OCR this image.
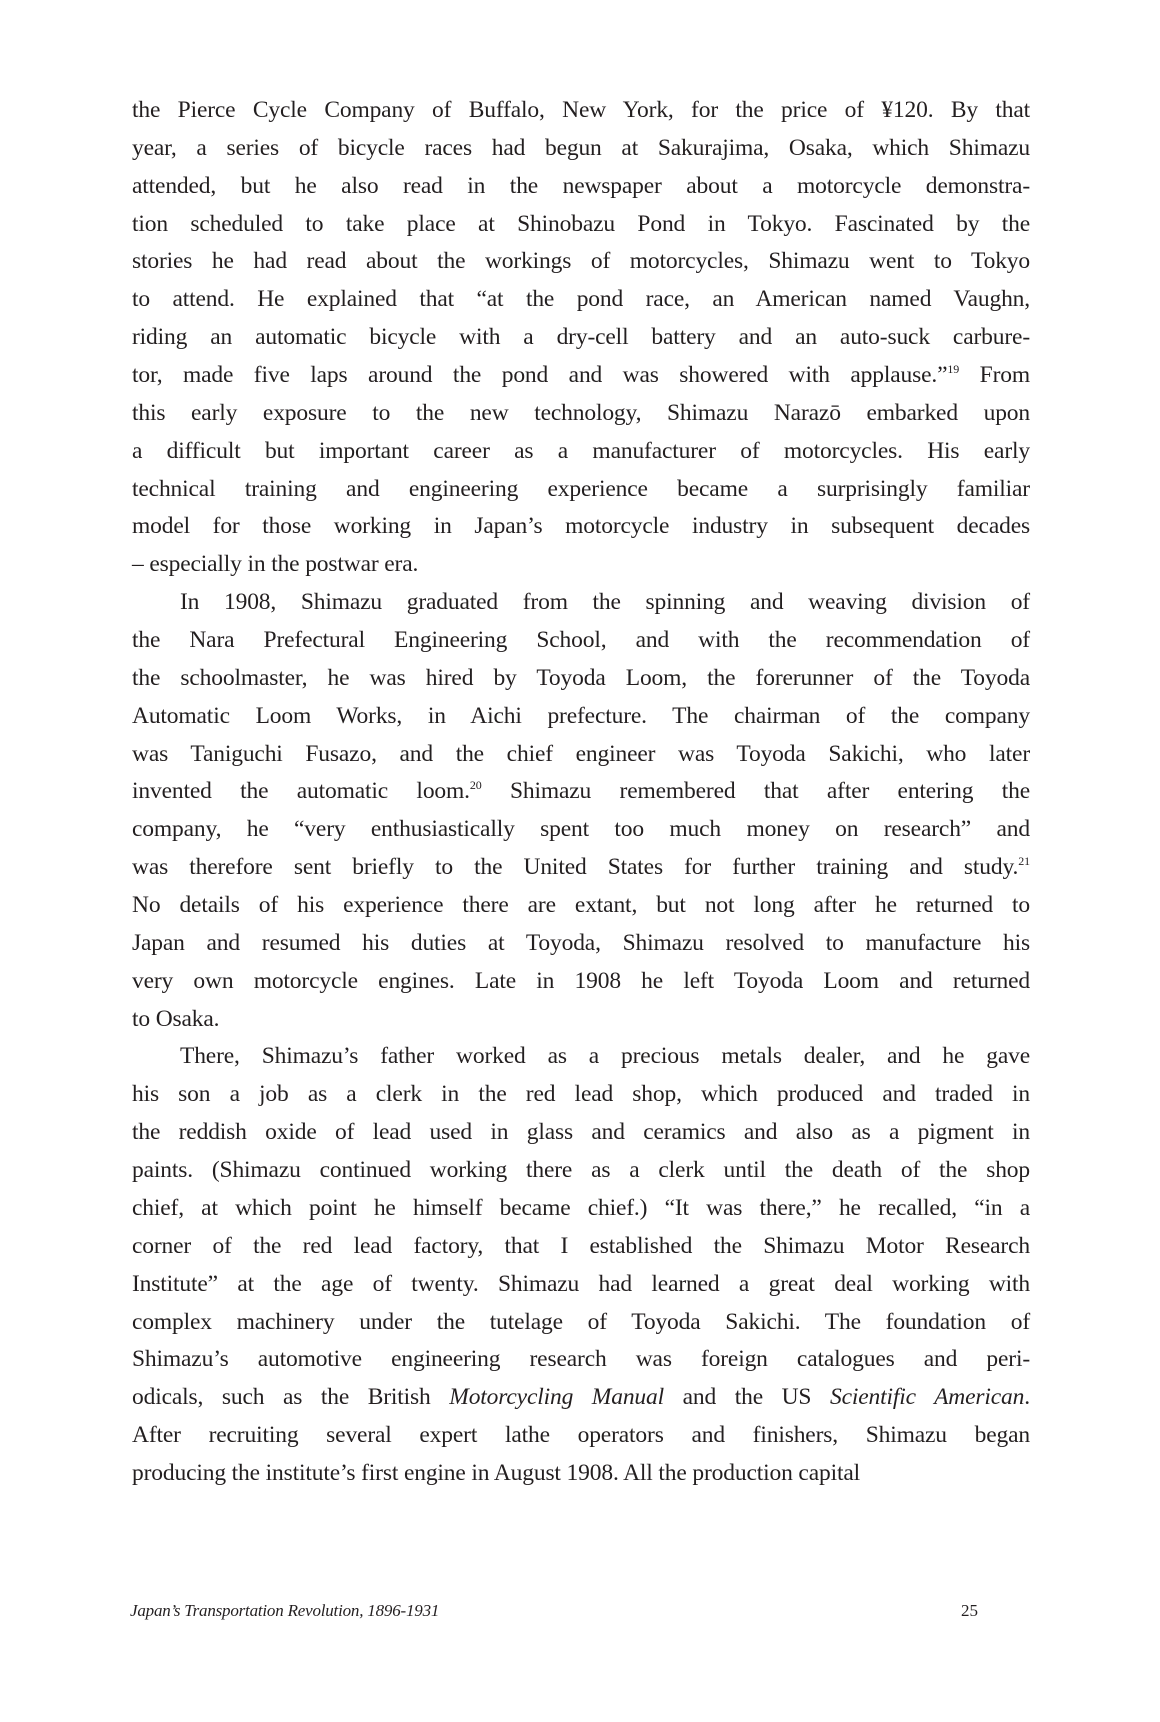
the Pierce Cycle Company of Buffalo, New York, for the price of ¥120. By that
year, a series of bicycle races had begun at Sakurajima, Osaka, which Shimazu
attended, but he also read in the newspaper about a motorcycle demonstra-
tion scheduled to take place at Shinobazu Pond in Tokyo. Fascinated by the
stories he had read about the workings of motorcycles, Shimazu went to Tokyo
to attend. He explained that “at the pond race, an American named Vaughn,
riding an automatic bicycle with a dry-cell battery and an auto-suck carbure-
tor, made five laps around the pond and was showered with applause.”$^{19}$ From
this early exposure to the new technology, Shimazu Narazō embarked upon
a difficult but important career as a manufacturer of motorcycles. His early
technical training and engineering experience became a surprisingly familiar
model for those working in Japan’s motorcycle industry in subsequent decades
– especially in the postwar era.
In 1908, Shimazu graduated from the spinning and weaving division of
the Nara Prefectural Engineering School, and with the recommendation of
the schoolmaster, he was hired by Toyoda Loom, the forerunner of the Toyoda
Automatic Loom Works, in Aichi prefecture. The chairman of the company
was Taniguchi Fusazo, and the chief engineer was Toyoda Sakichi, who later
invented the automatic loom.$^{20}$ Shimazu remembered that after entering the
company, he “very enthusiastically spent too much money on research” and
was therefore sent briefly to the United States for further training and study.$^{21}$
No details of his experience there are extant, but not long after he returned to
Japan and resumed his duties at Toyoda, Shimazu resolved to manufacture his
very own motorcycle engines. Late in 1908 he left Toyoda Loom and returned
to Osaka.
There, Shimazu’s father worked as a precious metals dealer, and he gave
his son a job as a clerk in the red lead shop, which produced and traded in
the reddish oxide of lead used in glass and ceramics and also as a pigment in
paints. (Shimazu continued working there as a clerk until the death of the shop
chief, at which point he himself became chief.) “It was there,” he recalled, “in a
corner of the red lead factory, that I established the Shimazu Motor Research
Institute” at the age of twenty. Shimazu had learned a great deal working with
complex machinery under the tutelage of Toyoda Sakichi. The foundation of
Shimazu’s automotive engineering research was foreign catalogues and peri-
odicals, such as the British Motorcycling Manual and the US Scientific American.
After recruiting several expert lathe operators and finishers, Shimazu began
producing the institute’s first engine in August 1908. All the production capital
Japan’s Transportation Revolution, 1896-1931	25
